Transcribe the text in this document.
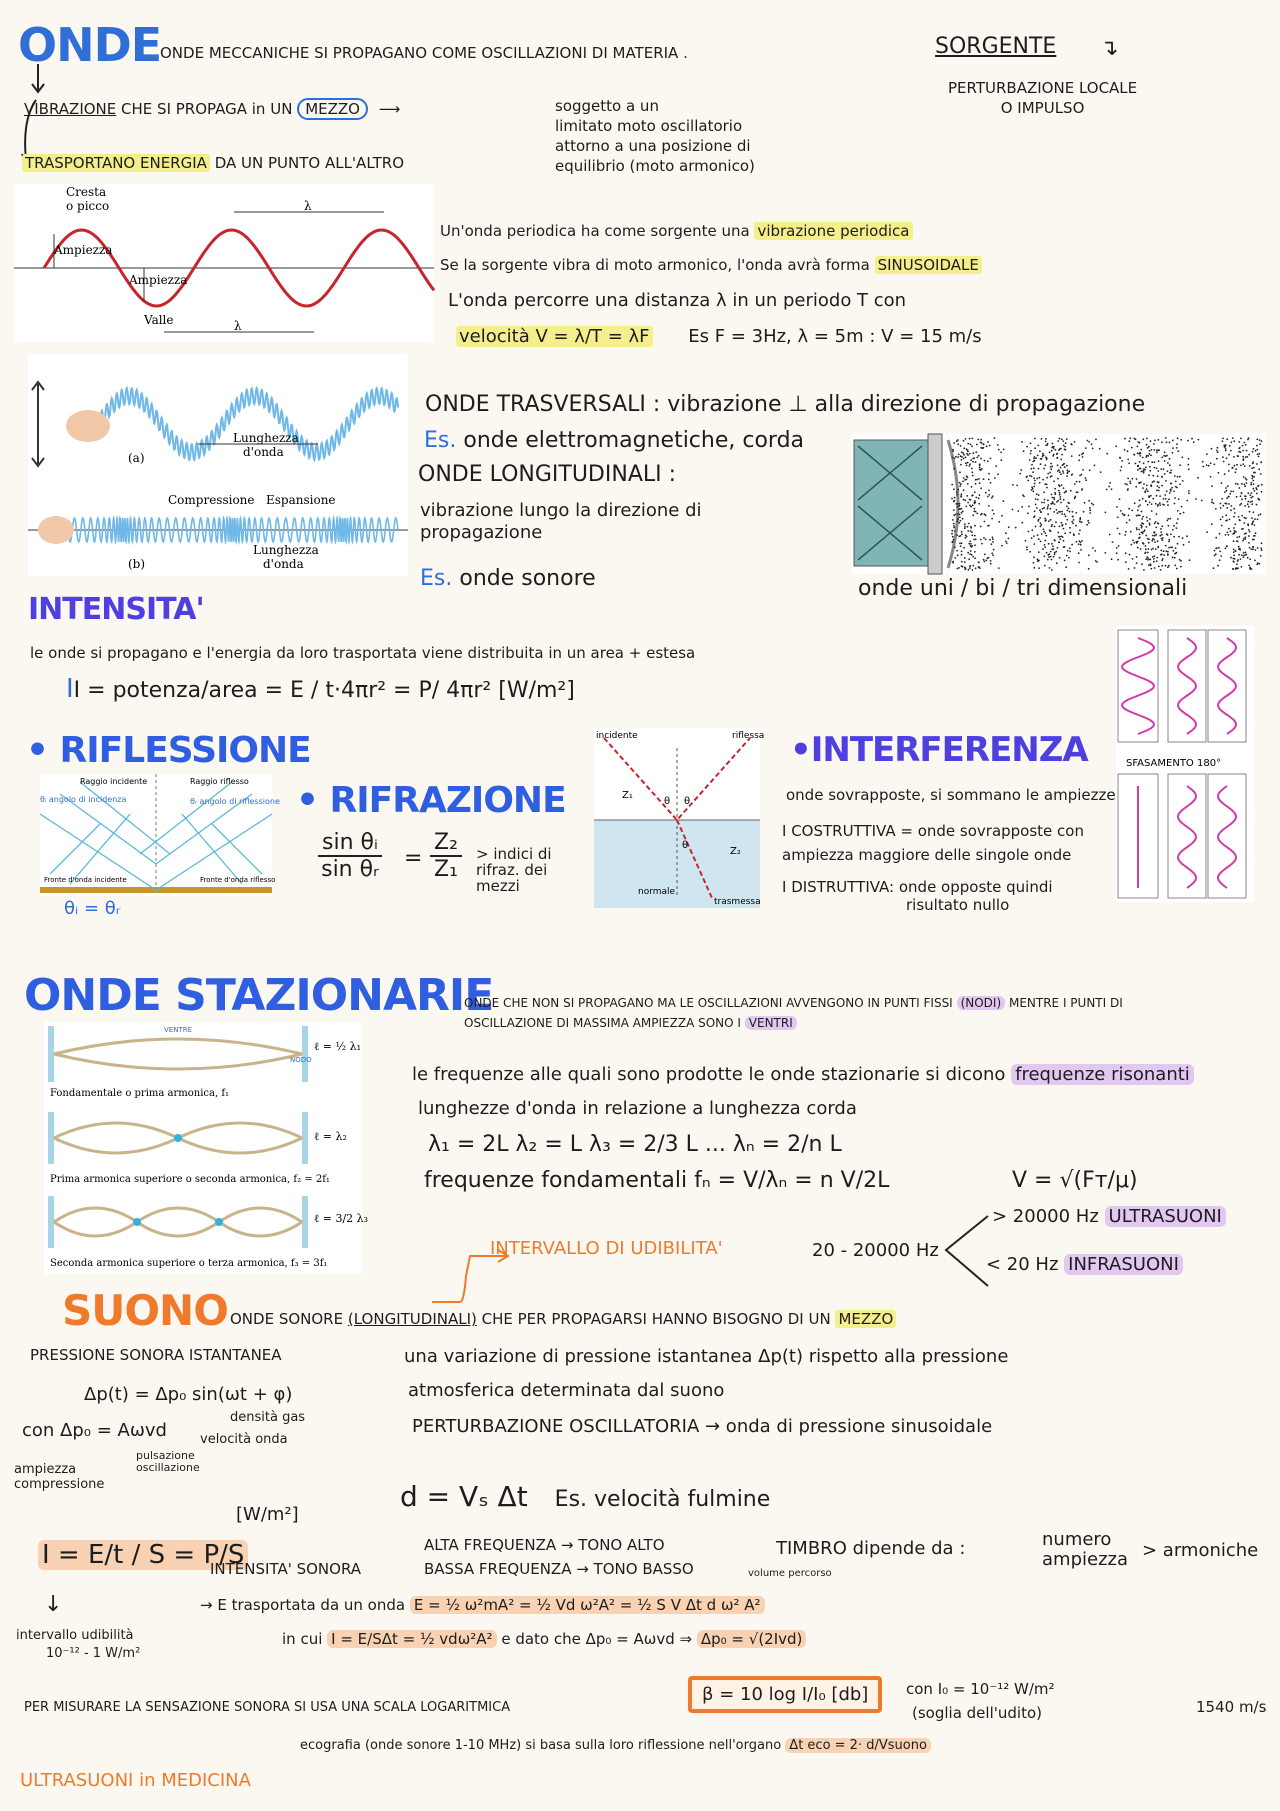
ONDE
ONDE MECCANICHE SI PROPAGANO COME OSCILLAZIONI DI MATERIA .
VIBRAZIONE CHE SI PROPAGA in UN MEZZO ⟶	soggetto a un
limitato moto oscillatorio
attorno a una posizione di
equilibrio (moto armonico)
TRASPORTANO ENERGIA DA UN PUNTO ALL'ALTRO
SORGENTE ↴
PERTURBAZIONE LOCALE
O IMPULSO
λ
λ
Cresta
o picco
Ampiezza
Ampiezza
Valle
Un'onda periodica ha come sorgente una vibrazione periodica
Se la sorgente vibra di moto armonico, l'onda avrà forma SINUSOIDALE
L'onda percorre una distanza λ in un periodo T con
velocità V = λ/T = λF Es F = 3Hz, λ = 5m : V = 15 m/s
(a)
Lunghezza
d'onda
Compressione Espansione
(b)
Lunghezza
d'onda
ONDE TRASVERSALI : vibrazione ⊥ alla direzione di propagazione
Es. onde elettromagnetiche, corda
ONDE LONGITUDINALI :
vibrazione lungo la direzione di
propagazione
Es. onde sonore	onde uni / bi / tri dimensionali
INTENSITA'
le onde si propagano e l'energia da loro trasportata viene distribuita in un area + estesa
II = potenza/area = E / t·4πr² = P/ 4πr² [W/m²]
SFASAMENTO 180°
• RIFLESSIONE
Raggio incidente	Raggio riflesso
θᵢ angolo di incidenza	θᵣ angolo di riflessione
Fronte d'onda incidente	Fronte d'onda riflesso
θᵢ = θᵣ
• RIFRAZIONE
$\frac{\text{sin θᵢ}}{\text{sin θᵣ}}$ =
Z₂
Z₁
> indici di rifraz. dei mezzi
incidente	riflessa
normale
trasmessa
Z₁
Z₂
θ θ
θ
•INTERFERENZA
onde sovrapposte, si sommano le ampiezze
I COSTRUTTIVA = onde sovrapposte con
ampiezza maggiore delle singole onde
I DISTRUTTIVA: onde opposte quindi
risultato nullo
ONDE STAZIONARIE
ONDE CHE NON SI PROPAGANO MA LE OSCILLAZIONI AVVENGONO IN PUNTI FISSI (NODI) MENTRE I PUNTI DI
OSCILLAZIONE DI MASSIMA AMPIEZZA SONO I VENTRI
VENTRE
NODO
ℓ = ½ λ₁
Fondamentale o prima armonica, f₁
ℓ = λ₂
Prima armonica superiore o seconda armonica, f₂ = 2f₁
ℓ = 3/2 λ₃
Seconda armonica superiore o terza armonica, f₃ = 3f₁
le frequenze alle quali sono prodotte le onde stazionarie si dicono frequenze risonanti
lunghezze d'onda in relazione a lunghezza corda
λ₁ = 2L λ₂ = L λ₃ = 2/3 L ... λₙ = 2/n L
frequenze fondamentali fₙ = V/λₙ = n V/2L	V = √(Fᴛ/μ)
INTERVALLO DI UDIBILITA'	20 - 20000 Hz
> 20000 Hz ULTRASUONI
< 20 Hz INFRASUONI
SUONO ONDE SONORE (LONGITUDINALI) CHE PER PROPAGARSI HANNO BISOGNO DI UN MEZZO
PRESSIONE SONORA ISTANTANEA
Δp(t) = Δp₀ sin(ωt + φ)
con Δp₀ = Aωvd
densità gas
velocità onda
pulsazione oscillazione
ampiezza compressione
una variazione di pressione istantanea Δp(t) rispetto alla pressione
atmosferica determinata dal suono
PERTURBAZIONE OSCILLATORIA → onda di pressione sinusoidale
d = Vₛ Δt Es. velocità fulmine
I = E/t / S = P/S
[W/m²]
INTENSITA' SONORA
↓
intervallo udibilità
10⁻¹² - 1 W/m²
ALTA FREQUENZA → TONO ALTO
BASSA FREQUENZA → TONO BASSO
TIMBRO dipende da :	numero
ampiezza > armoniche
volume percorso
→ E trasportata da un onda E = ½ ω²mA² = ½ Vd ω²A² = ½ S V Δt d ω² A²
in cui I = E/SΔt = ½ vdω²A² e dato che Δp₀ = Aωvd ⇒ Δp₀ = √(2Ivd)
PER MISURARE LA SENSAZIONE SONORA SI USA UNA SCALA LOGARITMICA
β = 10 log I/I₀ [db]	con I₀ = 10⁻¹² W/m²
(soglia dell'udito)	1540 m/s
ecografia (onde sonore 1-10 MHz) si basa sulla loro riflessione nell'organo Δt eco = 2· d/Vsuono
ULTRASUONI in MEDICINA
